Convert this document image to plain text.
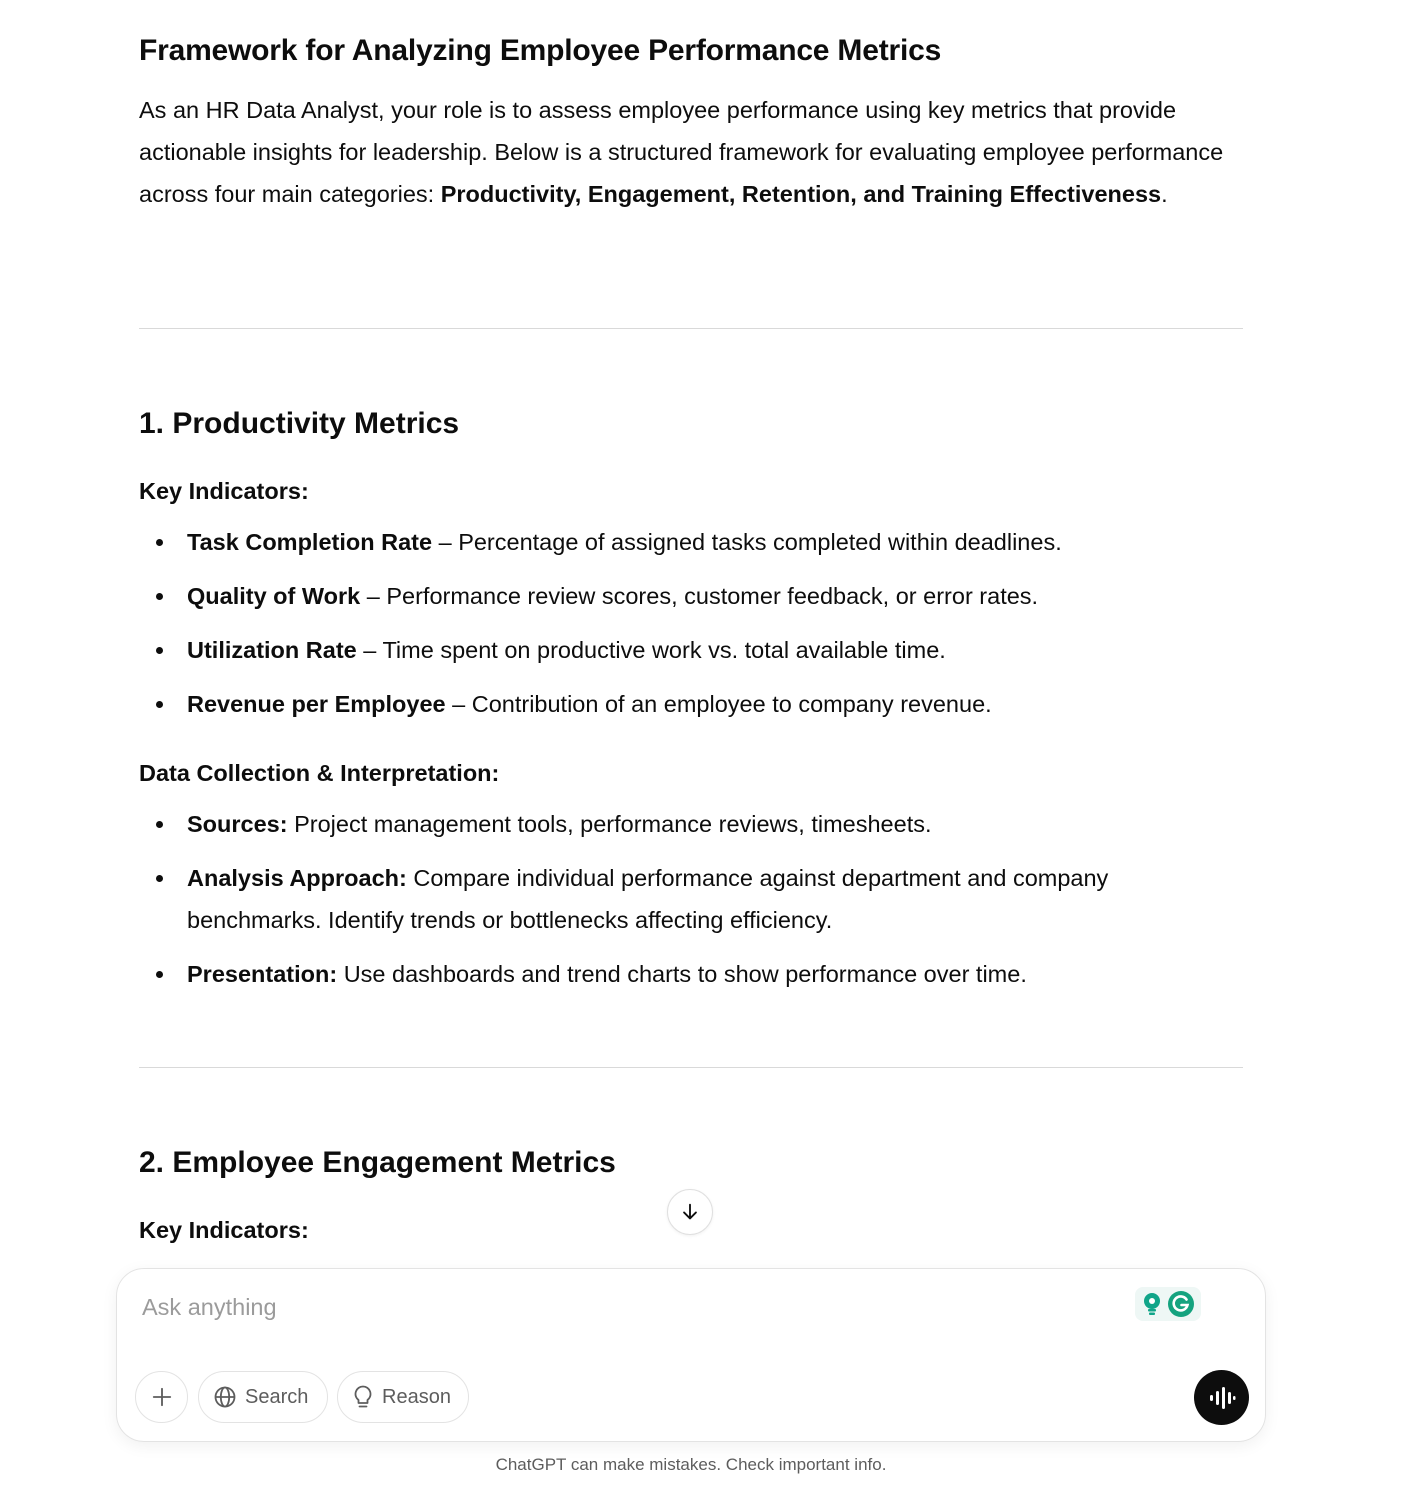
Framework for Analyzing Employee Performance Metrics

As an HR Data Analyst, your role is to assess employee performance using key metrics that provide actionable insights for leadership. Below is a structured framework for evaluating employee performance across four main categories: Productivity, Engagement, Retention, and Training Effectiveness.

1. Productivity Metrics
Key Indicators:
Task Completion Rate – Percentage of assigned tasks completed within deadlines.
Quality of Work – Performance review scores, customer feedback, or error rates.
Utilization Rate – Time spent on productive work vs. total available time.
Revenue per Employee – Contribution of an employee to company revenue.
Data Collection & Interpretation:
Sources: Project management tools, performance reviews, timesheets.
Analysis Approach: Compare individual performance against department and company benchmarks. Identify trends or bottlenecks affecting efficiency.
Presentation: Use dashboards and trend charts to show performance over time.
2. Employee Engagement Metrics
Key Indicators:
Ask anything
Search	Reason
ChatGPT can make mistakes. Check important info.
